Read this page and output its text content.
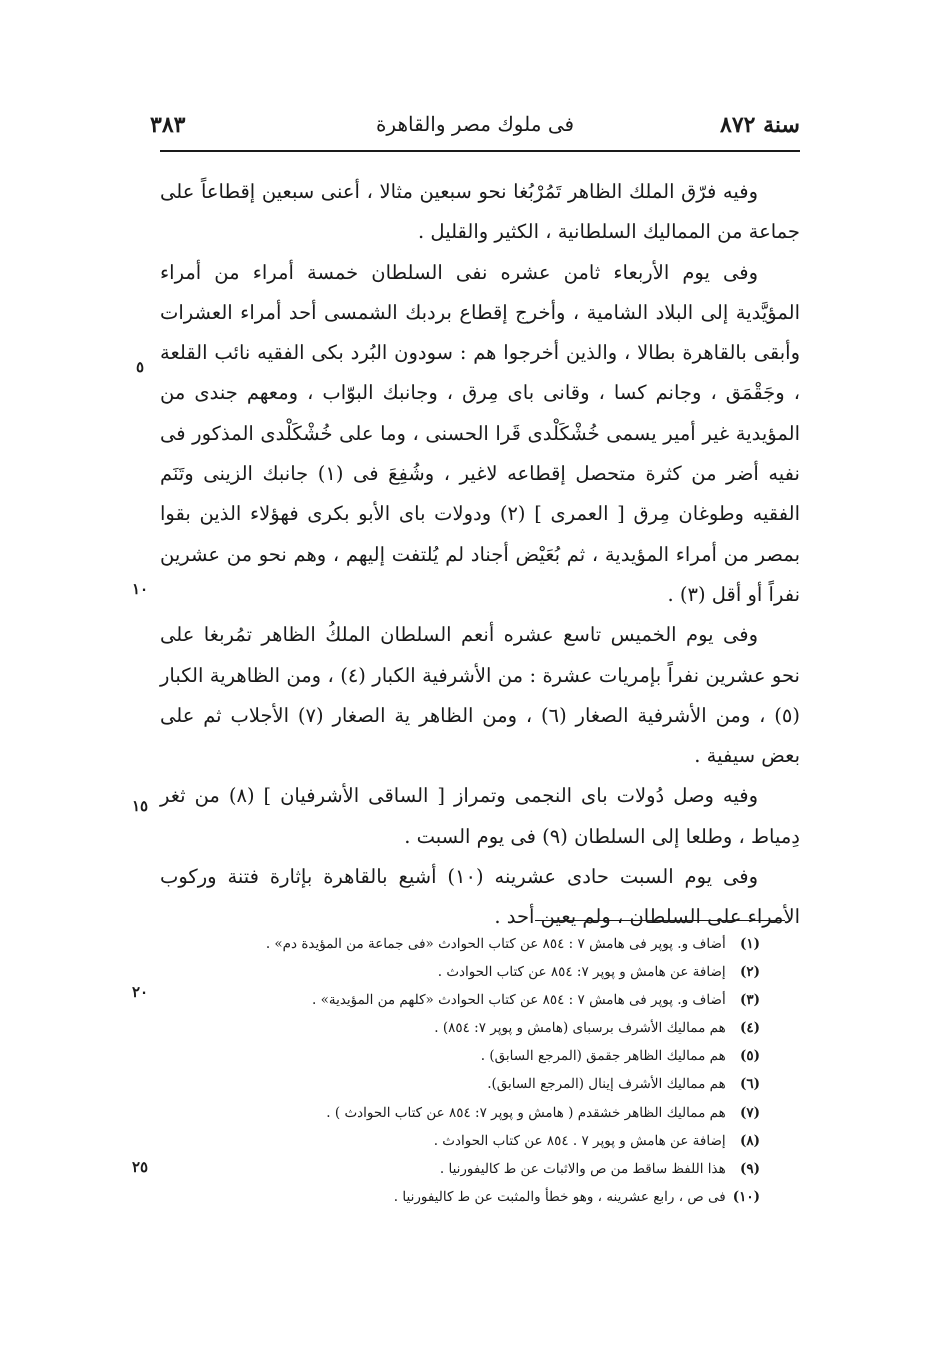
سنة ٨٧٢
فى ملوك مصر والقاهرة
٣٨٣

وفيه فرّق الملك الظاهر تَمُرْبُغا نحو سبعين مثالا ، أعنى سبعين إقطاعاً على جماعة من المماليك السلطانية ، الكثير والقليل .

وفى يوم الأربعاء ثامن عشره نفى السلطان خمسة أمراء من أمراء المؤيَّدية إلى البلاد الشامية ، وأخرج إقطاع بردبك الشمسى أحد أمراء العشرات وأبقى بالقاهرة بطالا ، والذين أخرجوا هم : سودون البُرد بكى الفقيه نائب القلعة ، وجَقْمَق ، وجانم كسا ، وقانى باى مِرق ، وجانبك البوّاب ، ومعهم جندى من المؤيدية غير أمير يسمى خُشْكَلْدى قَرا الحسنى ، وما على خُشْكَلْدى المذكور فى نفيه أضر من كثرة متحصل إقطاعه لاغير ، وشُفِعَ فى (١) جانبك الزينى وتَنَم الفقيه وطوغان مِرق [ العمرى ] (٢) ودولات باى الأبو بكرى فهؤلاء الذين بقوا بمصر من أمراء المؤيدية ، ثم بُعَيْض أجناد لم يُلتفت إليهم ، وهم نحو من عشرين نفراً أو أقل (٣) .

وفى يوم الخميس تاسع عشره أنعم السلطان الملكُ الظاهر تمُربغا على نحو عشرين نفراً بإمريات عشرة : من الأشرفية الكبار (٤) ، ومن الظاهرية الكبار (٥) ، ومن الأشرفية الصغار (٦) ، ومن الظاهر ية الصغار (٧) الأجلاب ثم على بعض سيفية .

وفيه وصل دُولات باى النجمى وتمراز [ الساقى الأشرفيان ] (٨) من ثغر دِمياط ، وطلعا إلى السلطان (٩) فى يوم السبت .

وفى يوم السبت حادى عشرينه (١٠) أشيع بالقاهرة بإثارة فتنة وركوب الأمراء على السلطان ، ولم يعين أحد .

٥
١٠
١٥
٢٠
٢٥
(١) أضاف و. پوپر فى هامش ٧ : ٨٥٤ عن كتاب الحوادث «فى جماعة من المؤيدة دم» .
(٢) إضافة عن هامش و پوپر ٧: ٨٥٤ عن كتاب الحوادث .
(٣) أضاف و. پوپر فى هامش ٧ : ٨٥٤ عن كتاب الحوادث «كلهم من المؤيدية» .
(٤) هم مماليك الأشرف برسباى (هامش و پوپر ٧: ٨٥٤) .
(٥) هم مماليك الظاهر جقمق (المرجع السابق) .
(٦) هم مماليك الأشرف إينال (المرجع السابق).
(٧) هم مماليك الظاهر خشقدم ( هامش و پوپر ٧: ٨٥٤ عن كتاب الحوادث ) .
(٨) إضافة عن هامش و پوپر ٧ . ٨٥٤ عن كتاب الحوادث .
(٩) هذا اللفظ ساقط من ص والاثبات عن ط كاليفورنيا .
(١٠) فى ص ، رابع عشرينه ، وهو خطأ والمثبت عن ط كاليفورنيا .
